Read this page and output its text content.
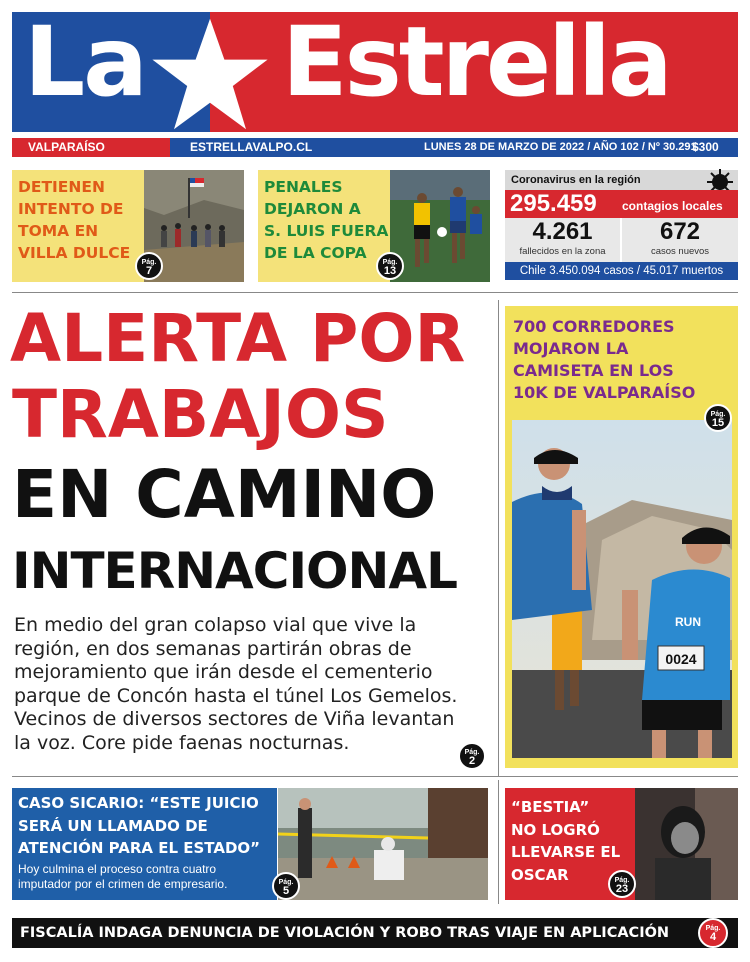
La Estrella
VALPARAÍSO	ESTRELLAVALPO.CL	LUNES 28 DE MARZO DE 2022 / AÑO 102 / Nº 30.291
$300
DETIENEN
INTENTO DE
TOMA EN
VILLA DULCE
Pág.
7
PENALES
DEJARON A
S. LUIS FUERA
DE LA COPA
Pág.
13
Coronavirus en la región
295.459 contagios locales
4.261
fallecidos en la zona
672
casos nuevos
Chile 3.450.094 casos / 45.017 muertos
ALERTA POR
TRABAJOS
EN CAMINO
INTERNACIONAL
En medio del gran colapso vial que vive la
región, en dos semanas partirán obras de
mejoramiento que irán desde el cementerio
parque de Concón hasta el túnel Los Gemelos.
Vecinos de diversos sectores de Viña levantan
la voz. Core pide faenas nocturnas.	Pág.
2
700 CORREDORES
MOJARON LA
CAMISETA EN LOS
10K DE VALPARAÍSO
0024
RUN
Pág.
15
CASO SICARIO: “ESTE JUICIO
SERÁ UN LLAMADO DE
ATENCIÓN PARA EL ESTADO”
Hoy culmina el proceso contra cuatro
imputador por el crimen de empresario.	Pág.
5
“BESTIA”
NO LOGRÓ
LLEVARSE EL
OSCAR	Pág.
23
FISCALÍA INDAGA DENUNCIA DE VIOLACIÓN Y ROBO TRAS VIAJE EN APLICACIÓN	Pág.
4
